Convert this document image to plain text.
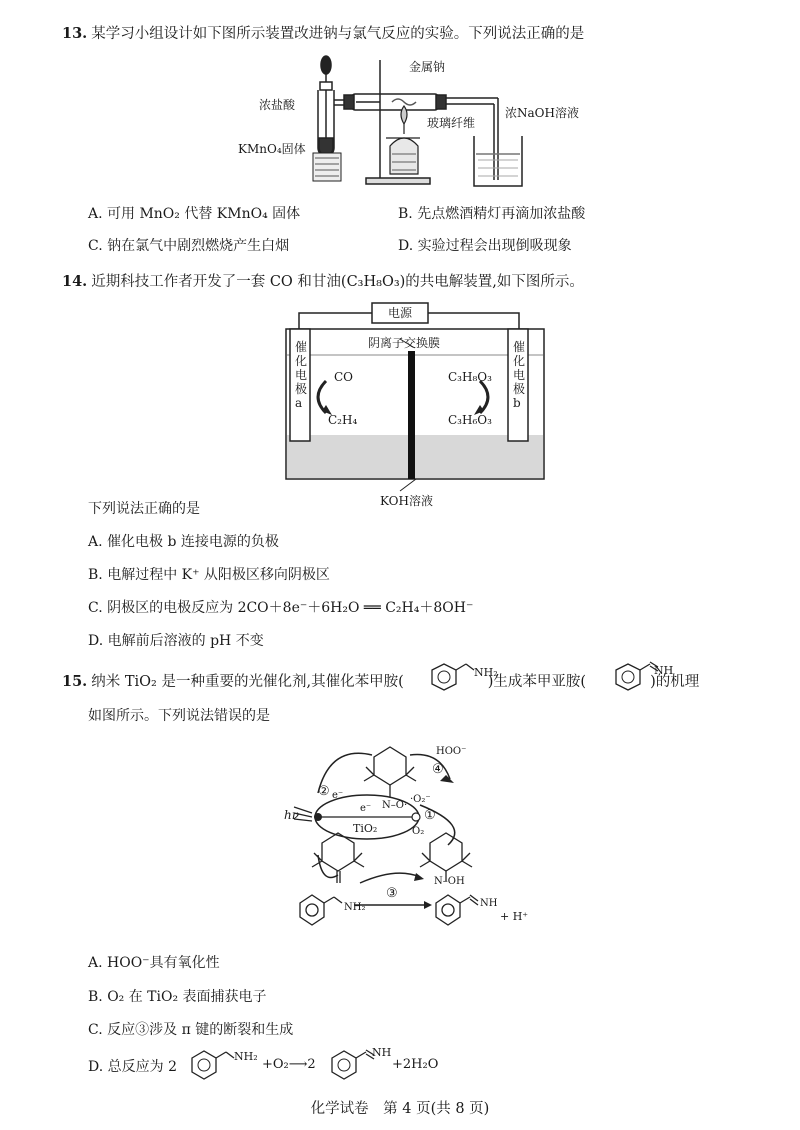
13. 某学习小组设计如下图所示装置改进钠与氯气反应的实验。下列说法正确的是
金属钠
浓盐酸
玻璃纤维
浓NaOH溶液
KMnO₄固体
A. 可用 MnO₂ 代替 KMnO₄ 固体	B. 先点燃酒精灯再滴加浓盐酸
C. 钠在氯气中剧烈燃烧产生白烟	D. 实验过程会出现倒吸现象
14. 近期科技工作者开发了一套 CO 和甘油(C₃H₈O₃)的共电解装置,如下图所示。
电源
阴离子交换膜
催化电极a
催化电极b
CO
C₂H₄
C₃H₈O₃
C₃H₆O₃
KOH溶液
下列说法正确的是
A. 催化电极 b 连接电源的负极
B. 电解过程中 K⁺ 从阳极区移向阴极区
C. 阴极区的电极反应为 2CO＋8e⁻＋6H₂O ══ C₂H₄＋8OH⁻
D. 电解前后溶液的 pH 不变
15. 纳米 TiO₂ 是一种重要的光催化剂,其催化苯甲胺(	)生成苯甲亚胺(	)的机理
NH₂	NH
如图所示。下列说法错误的是
hν
② e⁻
e⁻
TiO₂
·O₂⁻
①
O₂
HOO⁻
④
N–O·
N–OH
③
NH₂	NH
+ H⁺
A. HOO⁻具有氧化性
B. O₂ 在 TiO₂ 表面捕获电子
C. 反应③涉及 π 键的断裂和生成
D. 总反应为 2
NH₂
+O₂⟶2
NH
+2H₂O
化学试卷　第 4 页(共 8 页)
